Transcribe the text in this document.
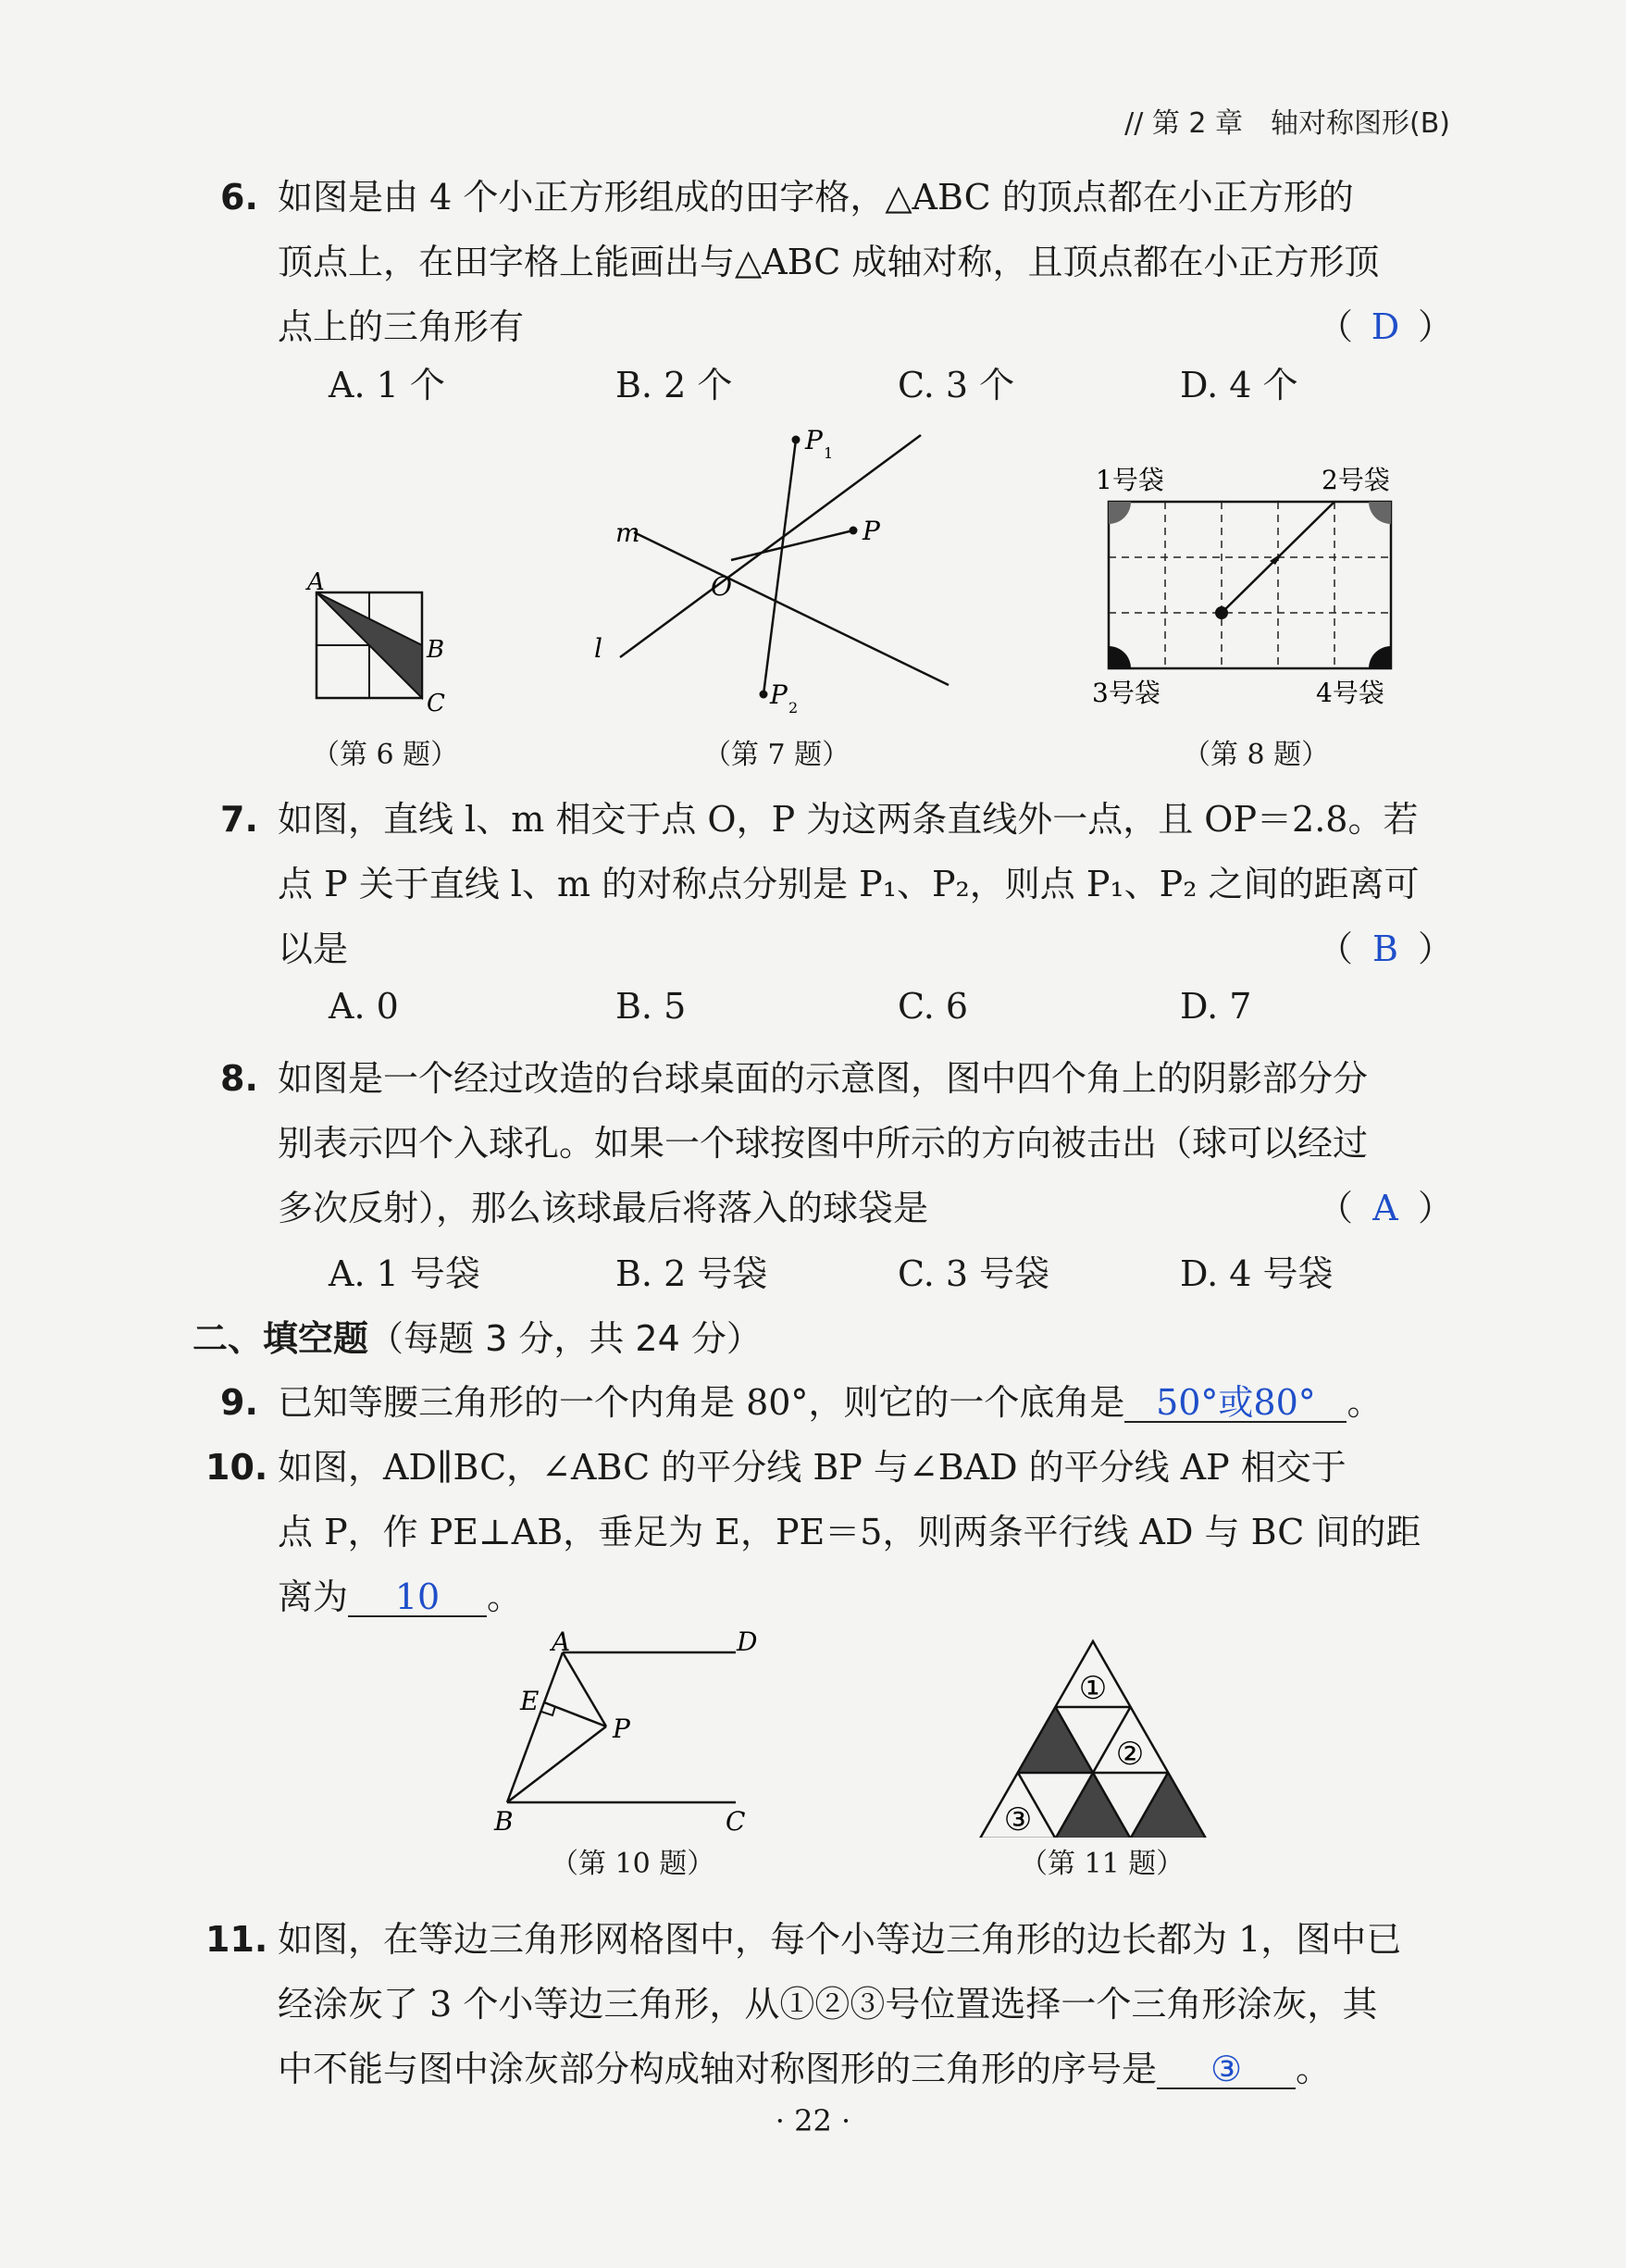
// 第 2 章　轴对称图形(B)
6. 如图是由 4 个小正方形组成的田字格，△ABC 的顶点都在小正方形的
顶点上，在田字格上能画出与△ABC 成轴对称，且顶点都在小正方形顶
点上的三角形有	（ D ）
A. 1 个	B. 2 个	C. 3 个	D. 4 个
A
B
C
（第 6 题）
P 1
P
m
O
l
P 2
（第 7 题）
1号袋	2号袋
3号袋	4号袋
（第 8 题）
7. 如图，直线 l、m 相交于点 O，P 为这两条直线外一点，且 OP＝2.8。若
点 P 关于直线 l、m 的对称点分别是 P₁、P₂，则点 P₁、P₂ 之间的距离可
以是	（ B ）
A. 0	B. 5	C. 6	D. 7
8. 如图是一个经过改造的台球桌面的示意图，图中四个角上的阴影部分分
别表示四个入球孔。如果一个球按图中所示的方向被击出（球可以经过
多次反射），那么该球最后将落入的球袋是	（ A ）
A. 1 号袋	B. 2 号袋	C. 3 号袋	D. 4 号袋
二、填空题（每题 3 分，共 24 分）
9. 已知等腰三角形的一个内角是 80°，则它的一个底角是 50°或80° 。
10. 如图，AD∥BC，∠ABC 的平分线 BP 与∠BAD 的平分线 AP 相交于
点 P，作 PE⊥AB，垂足为 E，PE＝5，则两条平行线 AD 与 BC 间的距
离为 10 。
A	D
E
P
B	C
（第 10 题）
①
②
③
（第 11 题）
11. 如图，在等边三角形网格图中，每个小等边三角形的边长都为 1，图中已
经涂灰了 3 个小等边三角形，从①②③号位置选择一个三角形涂灰，其
中不能与图中涂灰部分构成轴对称图形的三角形的序号是 ③ 。
· 22 ·
